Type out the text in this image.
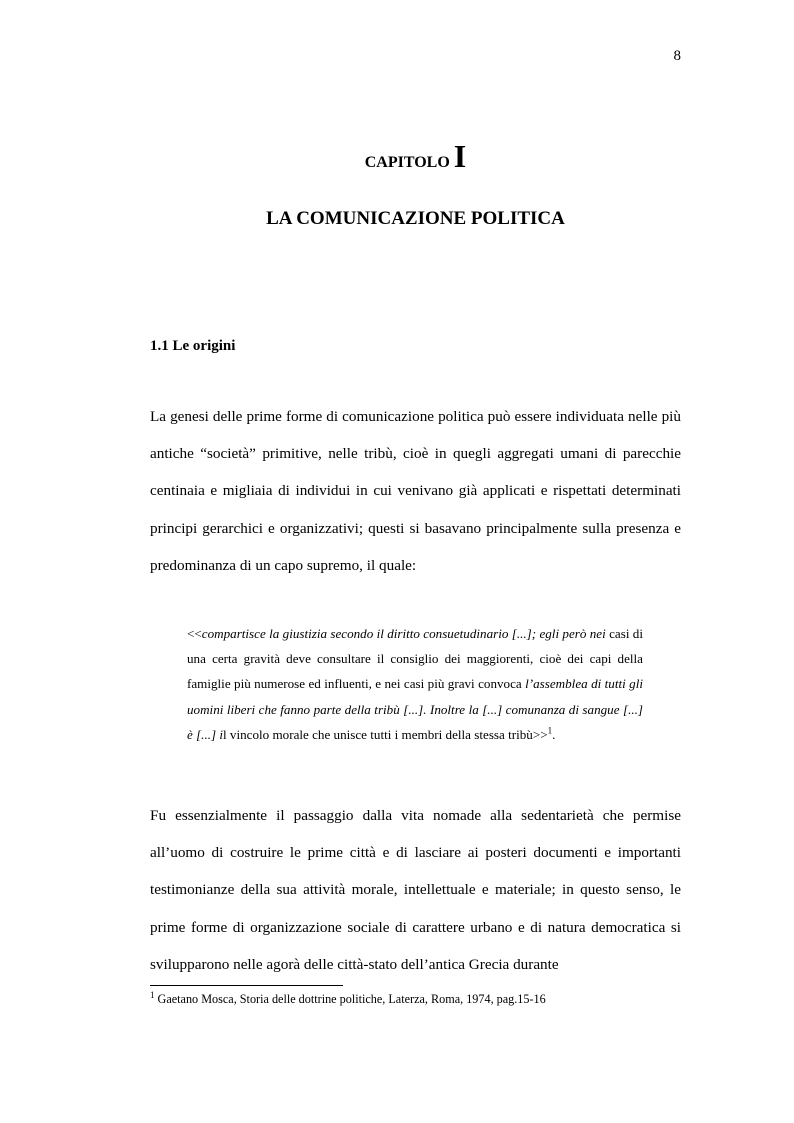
8
CAPITOLO I
LA COMUNICAZIONE POLITICA
1.1 Le origini

La genesi delle prime forme di comunicazione politica può essere individuata nelle più antiche “società” primitive, nelle tribù, cioè in quegli aggregati umani di parecchie centinaia e migliaia di individui in cui venivano già applicati e rispettati determinati principi gerarchici e organizzativi; questi si basavano principalmente sulla presenza e predominanza di un capo supremo, il quale:

<<compartisce la giustizia secondo il diritto consuetudinario [...]; egli però nei casi di una certa gravità deve consultare il consiglio dei maggiorenti, cioè dei capi della famiglie più numerose ed influenti, e nei casi più gravi convoca l’assemblea di tutti gli uomini liberi che fanno parte della tribù [...]. Inoltre la [...] comunanza di sangue [...] è [...] il vincolo morale che unisce tutti i membri della stessa tribù>>$^1$.

Fu essenzialmente il passaggio dalla vita nomade alla sedentarietà che permise all’uomo di costruire le prime città e di lasciare ai posteri documenti e importanti testimonianze della sua attività morale, intellettuale e materiale; in questo senso, le prime forme di organizzazione sociale di carattere urbano e di natura democratica si svilupparono nelle agorà delle città-stato dell’antica Grecia durante

$^1$ Gaetano Mosca, Storia delle dottrine politiche, Laterza, Roma, 1974, pag.15-16
